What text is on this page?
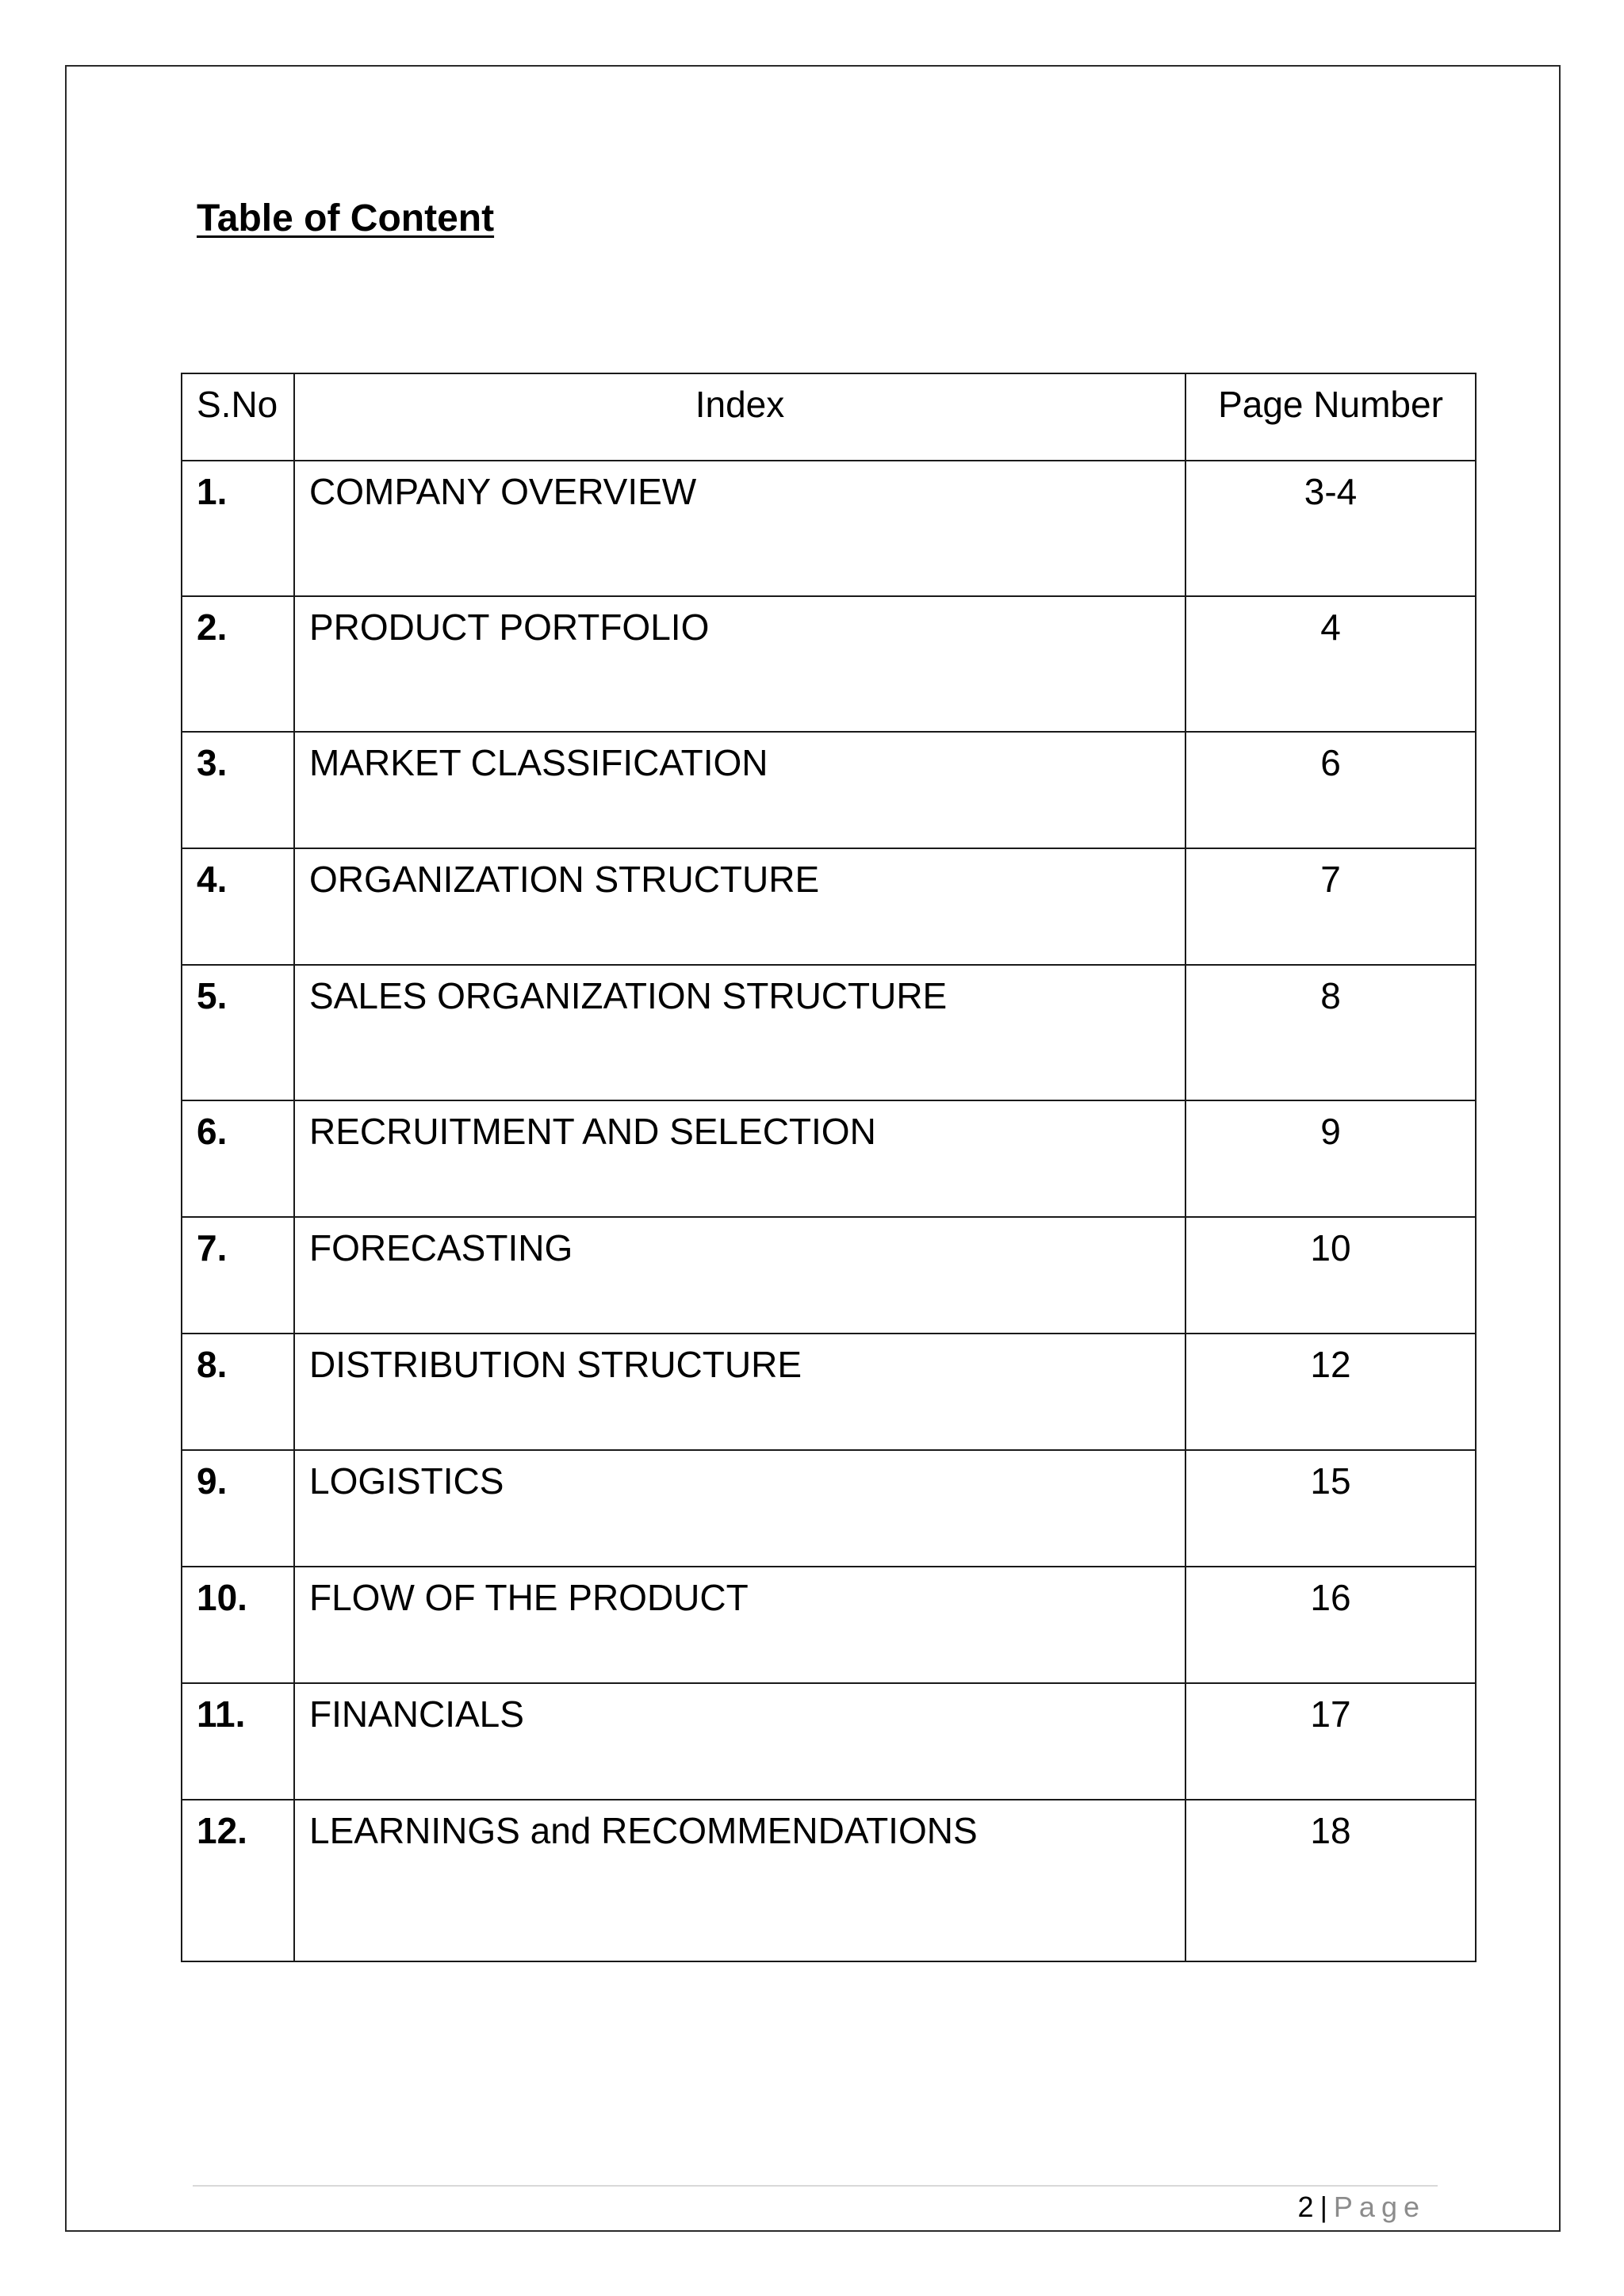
Table of Content
S.No	Index	Page Number
1.	COMPANY OVERVIEW	3-4
2.	PRODUCT PORTFOLIO	4
3.	MARKET CLASSIFICATION	6
4.	ORGANIZATION STRUCTURE	7
5.	SALES ORGANIZATION STRUCTURE	8
6.	RECRUITMENT AND SELECTION	9
7.	FORECASTING	10
8.	DISTRIBUTION STRUCTURE	12
9.	LOGISTICS	15
10.	FLOW OF THE PRODUCT	16
11.	FINANCIALS	17
12.	LEARNINGS and RECOMMENDATIONS	18
2 | Page
